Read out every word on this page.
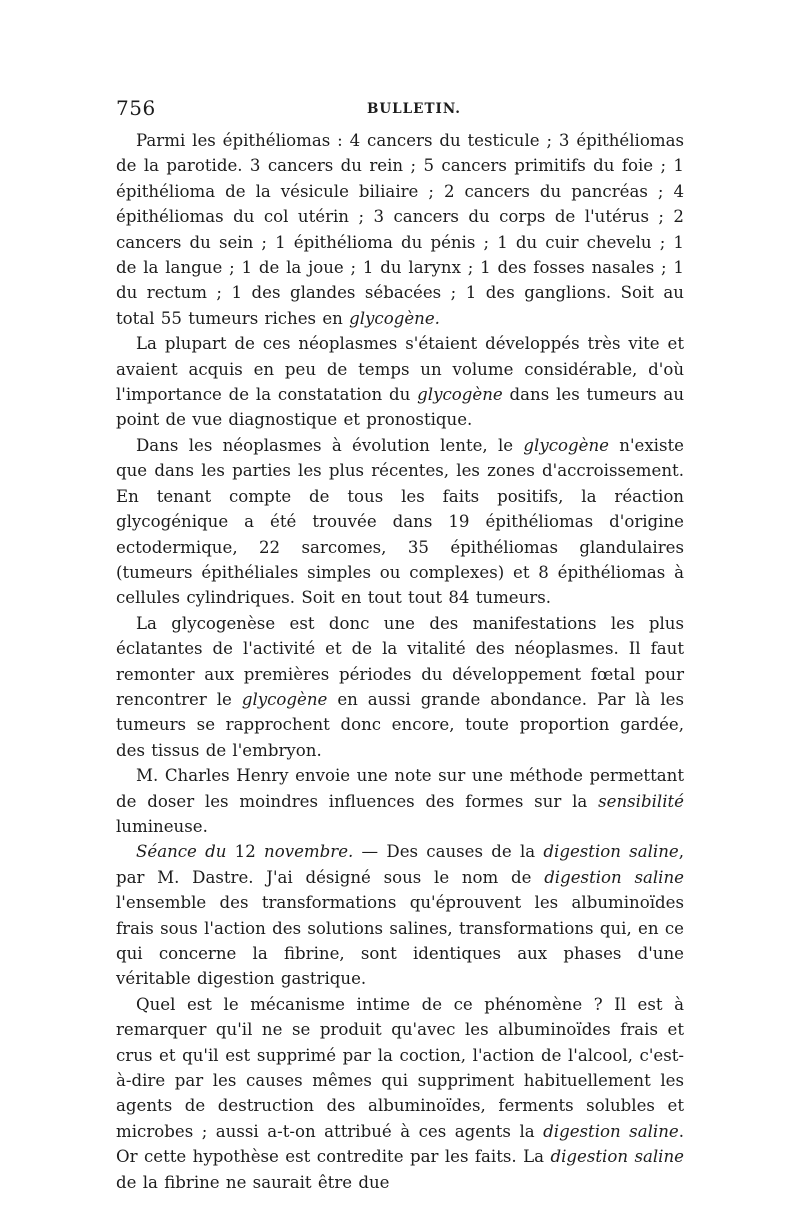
756	BULLETIN.

Parmi les épithéliomas : 4 cancers du testicule ; 3 épithéliomas de la parotide. 3 cancers du rein ; 5 cancers primitifs du foie ; 1 épithélioma de la vésicule biliaire ; 2 cancers du pancréas ; 4 épithéliomas du col utérin ; 3 cancers du corps de l'utérus ; 2 cancers du sein ; 1 épithélioma du pénis ; 1 du cuir chevelu ; 1 de la langue ; 1 de la joue ; 1 du larynx ; 1 des fosses nasales ; 1 du rectum ; 1 des glandes sébacées ; 1 des ganglions. Soit au total 55 tumeurs riches en glycogène.

La plupart de ces néoplasmes s'étaient développés très vite et avaient acquis en peu de temps un volume considérable, d'où l'importance de la constatation du glycogène dans les tumeurs au point de vue diagnostique et pronostique.

Dans les néoplasmes à évolution lente, le glycogène n'existe que dans les parties les plus récentes, les zones d'accroissement. En tenant compte de tous les faits positifs, la réaction glycogénique a été trouvée dans 19 épithéliomas d'origine ectodermique, 22 sarcomes, 35 épithéliomas glandulaires (tumeurs épithéliales simples ou complexes) et 8 épithéliomas à cellules cylindriques. Soit en tout tout 84 tumeurs.

La glycogenèse est donc une des manifestations les plus éclatantes de l'activité et de la vitalité des néoplasmes. Il faut remonter aux premières périodes du développement fœtal pour rencontrer le glycogène en aussi grande abondance. Par là les tumeurs se rapprochent donc encore, toute proportion gardée, des tissus de l'embryon.

M. Charles Henry envoie une note sur une méthode permettant de doser les moindres influences des formes sur la sensibilité lumineuse.

Séance du 12 novembre. — Des causes de la digestion saline, par M. Dastre. J'ai désigné sous le nom de digestion saline l'ensemble des transformations qu'éprouvent les albuminoïdes frais sous l'action des solutions salines, transformations qui, en ce qui concerne la fibrine, sont identiques aux phases d'une véritable digestion gastrique.

Quel est le mécanisme intime de ce phénomène ? Il est à remarquer qu'il ne se produit qu'avec les albuminoïdes frais et crus et qu'il est supprimé par la coction, l'action de l'alcool, c'est-à-dire par les causes mêmes qui suppriment habituellement les agents de destruction des albuminoïdes, ferments solubles et microbes ; aussi a-t-on attribué à ces agents la digestion saline. Or cette hypothèse est contredite par les faits. La digestion saline de la fibrine ne saurait être due
